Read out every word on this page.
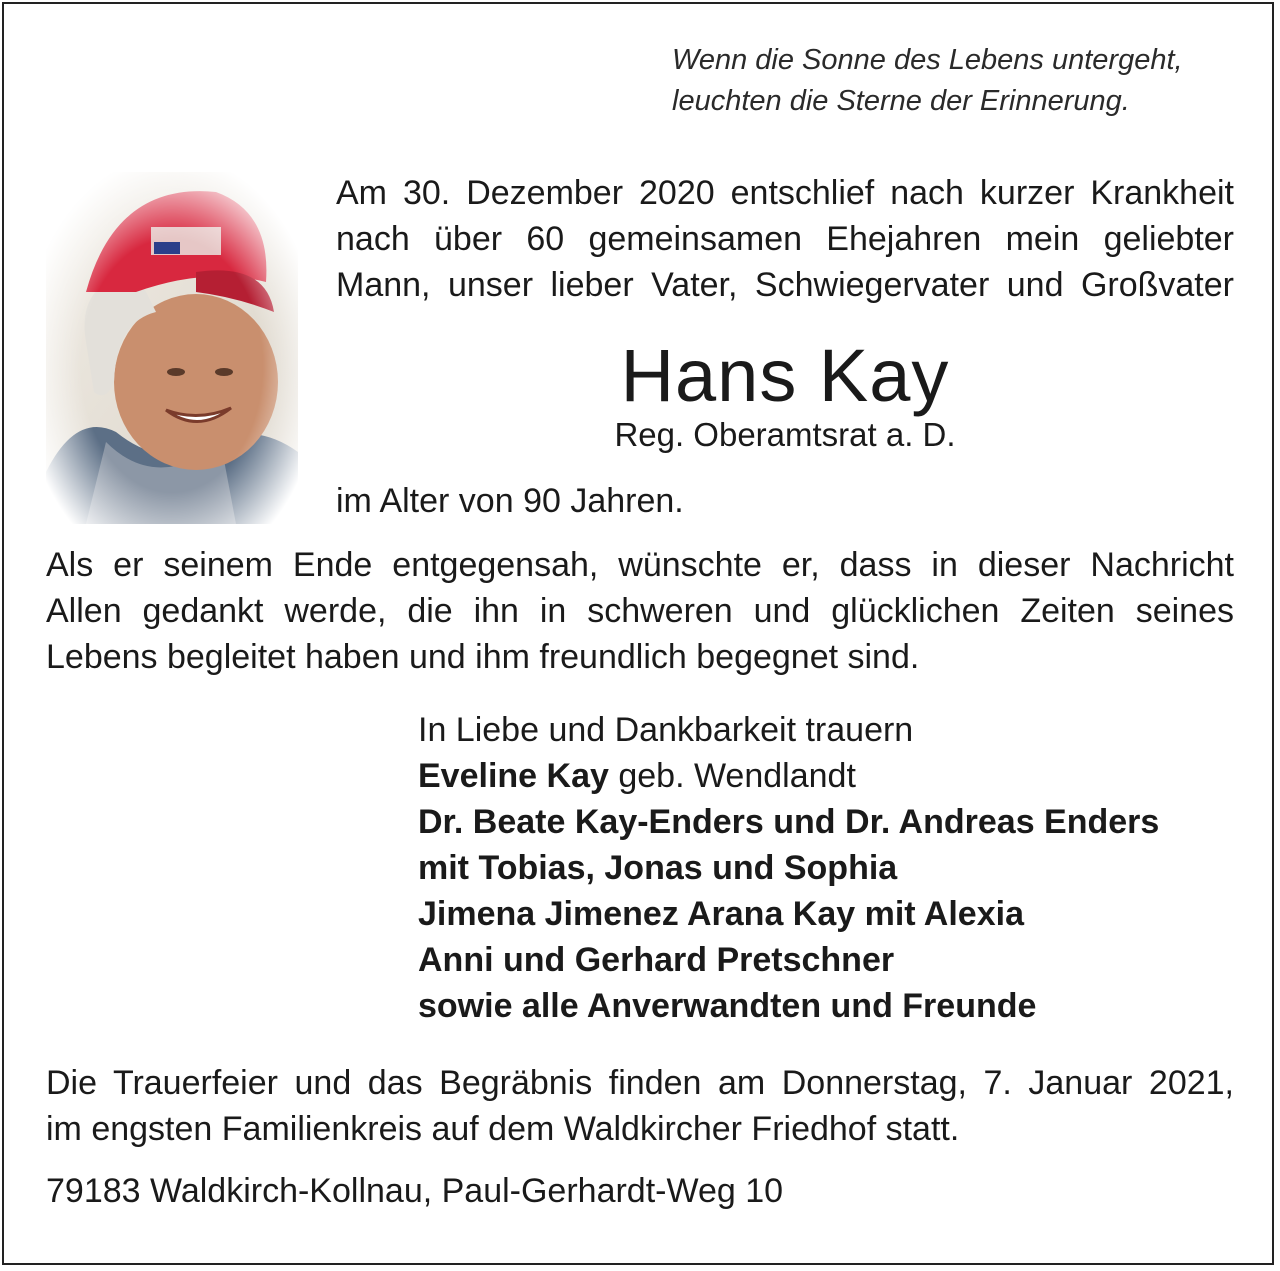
Wenn die Sonne des Lebens untergeht,
leuchten die Sterne der Erinnerung.
Am 30. Dezember 2020 entschlief nach kurzer Krankheit
nach über 60 gemeinsamen Ehejahren mein geliebter
Mann, unser lieber Vater, Schwiegervater und Großvater
Hans Kay
Reg. Oberamtsrat a. D.
im Alter von 90 Jahren.
Als er seinem Ende entgegensah, wünschte er, dass in dieser Nachricht
Allen gedankt werde, die ihn in schweren und glücklichen Zeiten seines
Lebens begleitet haben und ihm freundlich begegnet sind.
In Liebe und Dankbarkeit trauern
Eveline Kay geb. Wendlandt
Dr. Beate Kay-Enders und Dr. Andreas Enders
mit Tobias, Jonas und Sophia
Jimena Jimenez Arana Kay mit Alexia
Anni und Gerhard Pretschner
sowie alle Anverwandten und Freunde
Die Trauerfeier und das Begräbnis finden am Donnerstag, 7. Januar 2021,
im engsten Familienkreis auf dem Waldkircher Friedhof statt.
79183 Waldkirch-Kollnau, Paul-Gerhardt-Weg 10
